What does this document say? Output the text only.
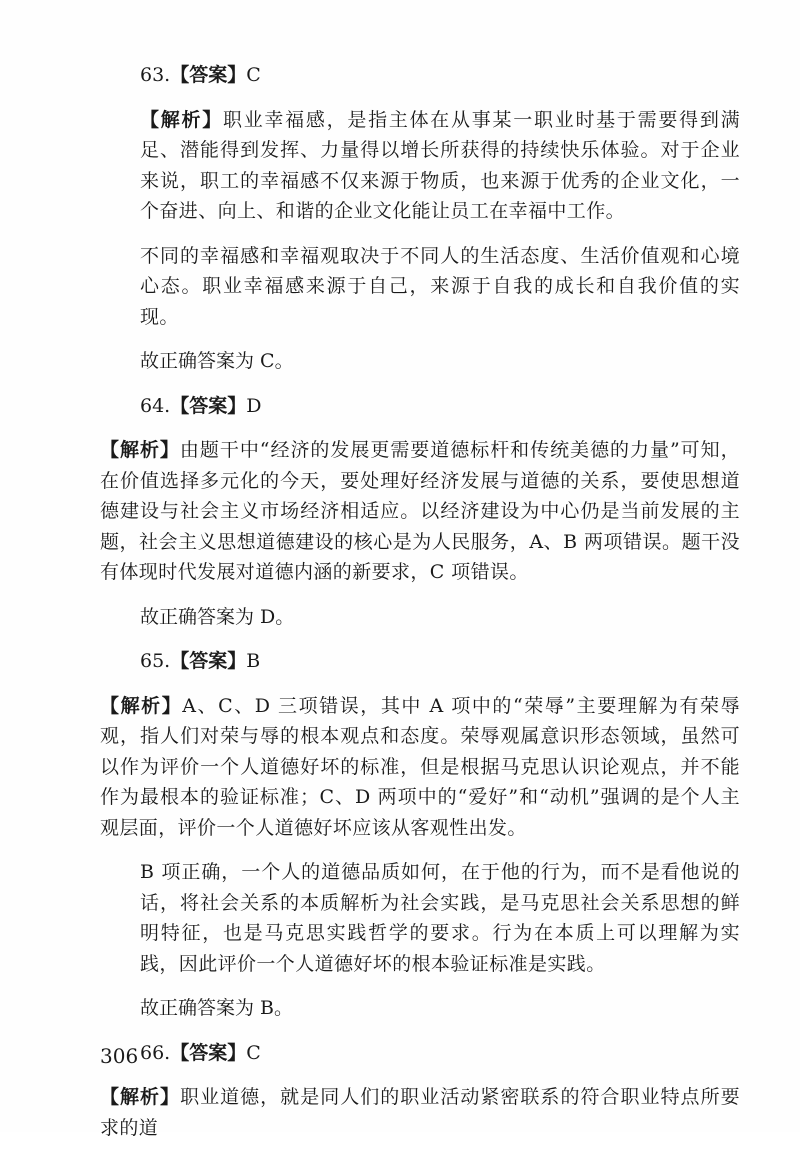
63.【答案】C

【解析】职业幸福感，是指主体在从事某一职业时基于需要得到满足、潜能得到发挥、力量得以增长所获得的持续快乐体验。对于企业来说，职工的幸福感不仅来源于物质，也来源于优秀的企业文化，一个奋进、向上、和谐的企业文化能让员工在幸福中工作。

不同的幸福感和幸福观取决于不同人的生活态度、生活价值观和心境心态。职业幸福感来源于自己，来源于自我的成长和自我价值的实现。

故正确答案为 C。
64.【答案】D

【解析】由题干中“经济的发展更需要道德标杆和传统美德的力量”可知，在价值选择多元化的今天，要处理好经济发展与道德的关系，要使思想道德建设与社会主义市场经济相适应。以经济建设为中心仍是当前发展的主题，社会主义思想道德建设的核心是为人民服务，A、B 两项错误。题干没有体现时代发展对道德内涵的新要求，C 项错误。

故正确答案为 D。
65.【答案】B

【解析】A、C、D 三项错误，其中 A 项中的“荣辱”主要理解为有荣辱观，指人们对荣与辱的根本观点和态度。荣辱观属意识形态领域，虽然可以作为评价一个人道德好坏的标准，但是根据马克思认识论观点，并不能作为最根本的验证标准；C、D 两项中的“爱好”和“动机”强调的是个人主观层面，评价一个人道德好坏应该从客观性出发。

B 项正确，一个人的道德品质如何，在于他的行为，而不是看他说的话，将社会关系的本质解析为社会实践，是马克思社会关系思想的鲜明特征，也是马克思实践哲学的要求。行为在本质上可以理解为实践，因此评价一个人道德好坏的根本验证标准是实践。

故正确答案为 B。
66.【答案】C

【解析】职业道德，就是同人们的职业活动紧密联系的符合职业特点所要求的道

306
